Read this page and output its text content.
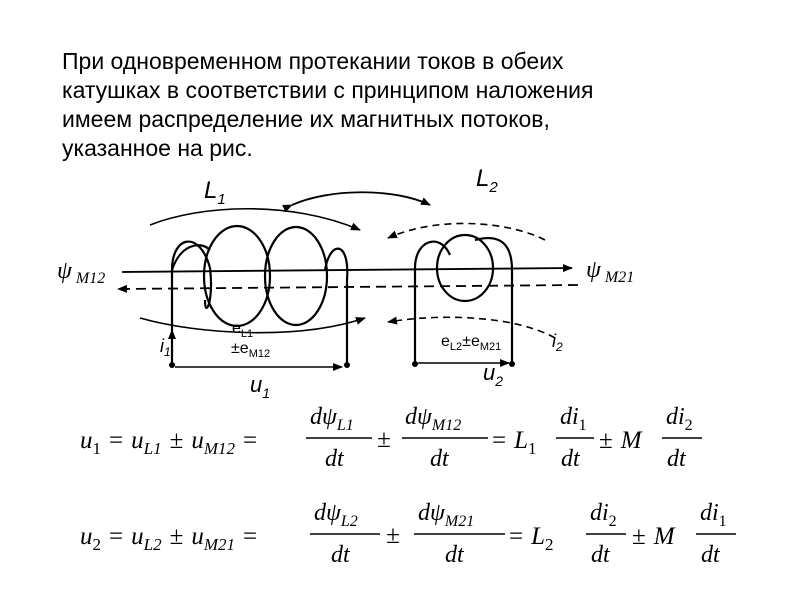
При одновременном протекании токов в обеих
катушках в соответствии с принципом наложения
имеем распределение их магнитных потоков,
указанное на рис.
$L_1$
$L_2$
ψ $_{M12}$	ψ $_{M21}$
$e_{L1}$
$\pm e_{M12}$
$e_{L2}\pm e_{M21}$
$i_1$
$i_2$
$u_1$
$u_2$
$u_1 = u_{L1} \pm u_{M12}$ =
$d\psi_{L1}$
dt
±
$d\psi_{M12}$
dt
= $L_1$
$di_1$
dt
± M
$di_2$
dt
$u_2 = u_{L2} \pm u_{M21}$ =
$d\psi_{L2}$
dt
±
$d\psi_{M21}$
dt
= $L_2$
$di_2$
dt
± M
$di_1$
dt
